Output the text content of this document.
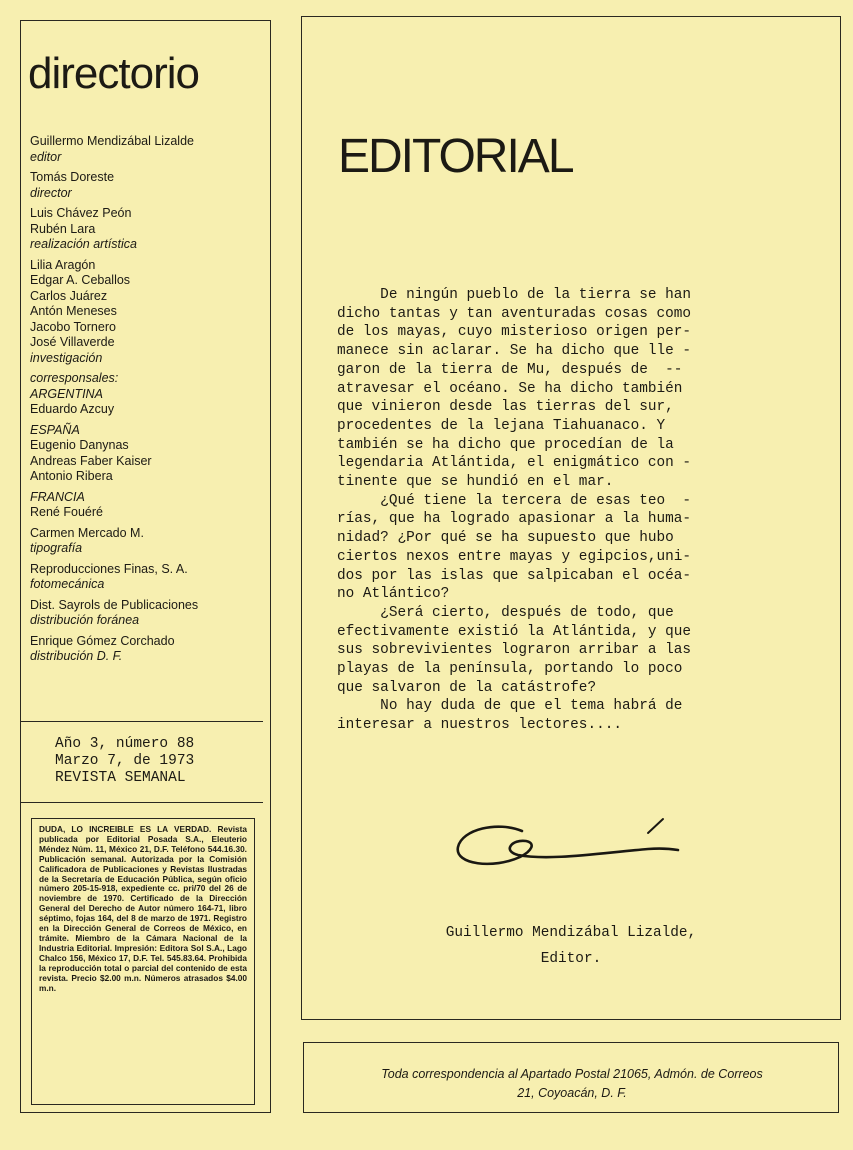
directorio
Guillermo Mendizábal Lizalde
editor
Tomás Doreste
director
Luis Chávez Peón
Rubén Lara
realización artística
Lilia Aragón
Edgar A. Ceballos
Carlos Juárez
Antón Meneses
Jacobo Tornero
José Villaverde
investigación
corresponsales:
ARGENTINA
Eduardo Azcuy
ESPAÑA
Eugenio Danynas
Andreas Faber Kaiser
Antonio Ribera
FRANCIA
René Fouéré
Carmen Mercado M.
tipografía
Reproducciones Finas, S. A.
fotomecánica
Dist. Sayrols de Publicaciones
distribución foránea
Enrique Gómez Corchado
distribución D. F.
Año 3, número 88
Marzo 7, de 1973
REVISTA SEMANAL

DUDA, LO INCREIBLE ES LA VERDAD. Revista publicada por Editorial Posada S.A., Eleuterio Méndez Núm. 11, México 21, D.F. Teléfono 544.16.30. Publicación semanal. Autorizada por la Comisión Calificadora de Publicaciones y Revistas Ilustradas de la Secretaría de Educación Pública, según oficio número 205-15-918, expediente cc. pri/70 del 26 de noviembre de 1970. Certificado de la Dirección General del Derecho de Autor número 164-71, libro séptimo, fojas 164, del 8 de marzo de 1971. Registro en la Dirección General de Correos de México, en trámite. Miembro de la Cámara Nacional de la Industria Editorial. Impresión: Editora Sol S.A., Lago Chalco 156, México 17, D.F. Tel. 545.83.64. Prohibida la reproducción total o parcial del contenido de esta revista. Precio $2.00 m.n. Números atrasados $4.00 m.n.

EDITORIAL
De ningún pueblo de la tierra se han
dicho tantas y tan aventuradas cosas como
de los mayas, cuyo misterioso origen per-
manece sin aclarar. Se ha dicho que lle -
garon de la tierra de Mu, después de  --
atravesar el océano. Se ha dicho también
que vinieron desde las tierras del sur,
procedentes de la lejana Tiahuanaco. Y
también se ha dicho que procedían de la
legendaria Atlántida, el enigmático con -
tinente que se hundió en el mar.
¿Qué tiene la tercera de esas teo  -
rías, que ha logrado apasionar a la huma-
nidad? ¿Por qué se ha supuesto que hubo
ciertos nexos entre mayas y egipcios,uni-
dos por las islas que salpicaban el océa-
no Atlántico?
¿Será cierto, después de todo, que
efectivamente existió la Atlántida, y que
sus sobrevivientes lograron arribar a las
playas de la península, portando lo poco
que salvaron de la catástrofe?
No hay duda de que el tema habrá de
interesar a nuestros lectores....
Guillermo Mendizábal Lizalde,
Editor.
Toda correspondencia al Apartado Postal 21065, Admón. de Correos
21, Coyoacán, D. F.
